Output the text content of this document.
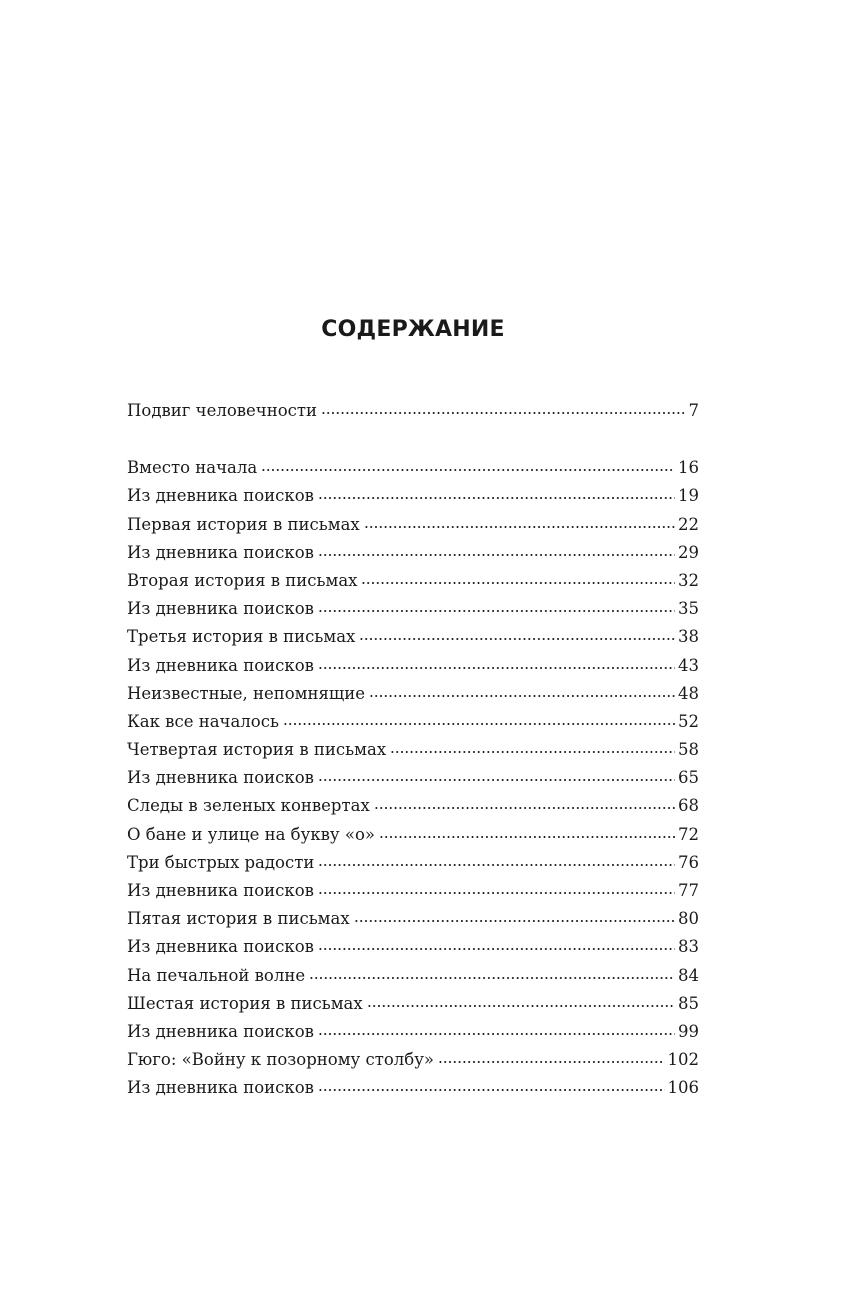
СОДЕРЖАНИЕ
Подвиг человечности	7
Вместо начала	16
Из дневника поисков	19
Первая история в письмах	22
Из дневника поисков	29
Вторая история в письмах	32
Из дневника поисков	35
Третья история в письмах	38
Из дневника поисков	43
Неизвестные, непомнящие	48
Как все началось	52
Четвертая история в письмах	58
Из дневника поисков	65
Следы в зеленых конвертах	68
О бане и улице на букву «о»	72
Три быстрых радости	76
Из дневника поисков	77
Пятая история в письмах	80
Из дневника поисков	83
На печальной волне	84
Шестая история в письмах	85
Из дневника поисков	99
Гюго: «Войну к позорному столбу»	102
Из дневника поисков	106
